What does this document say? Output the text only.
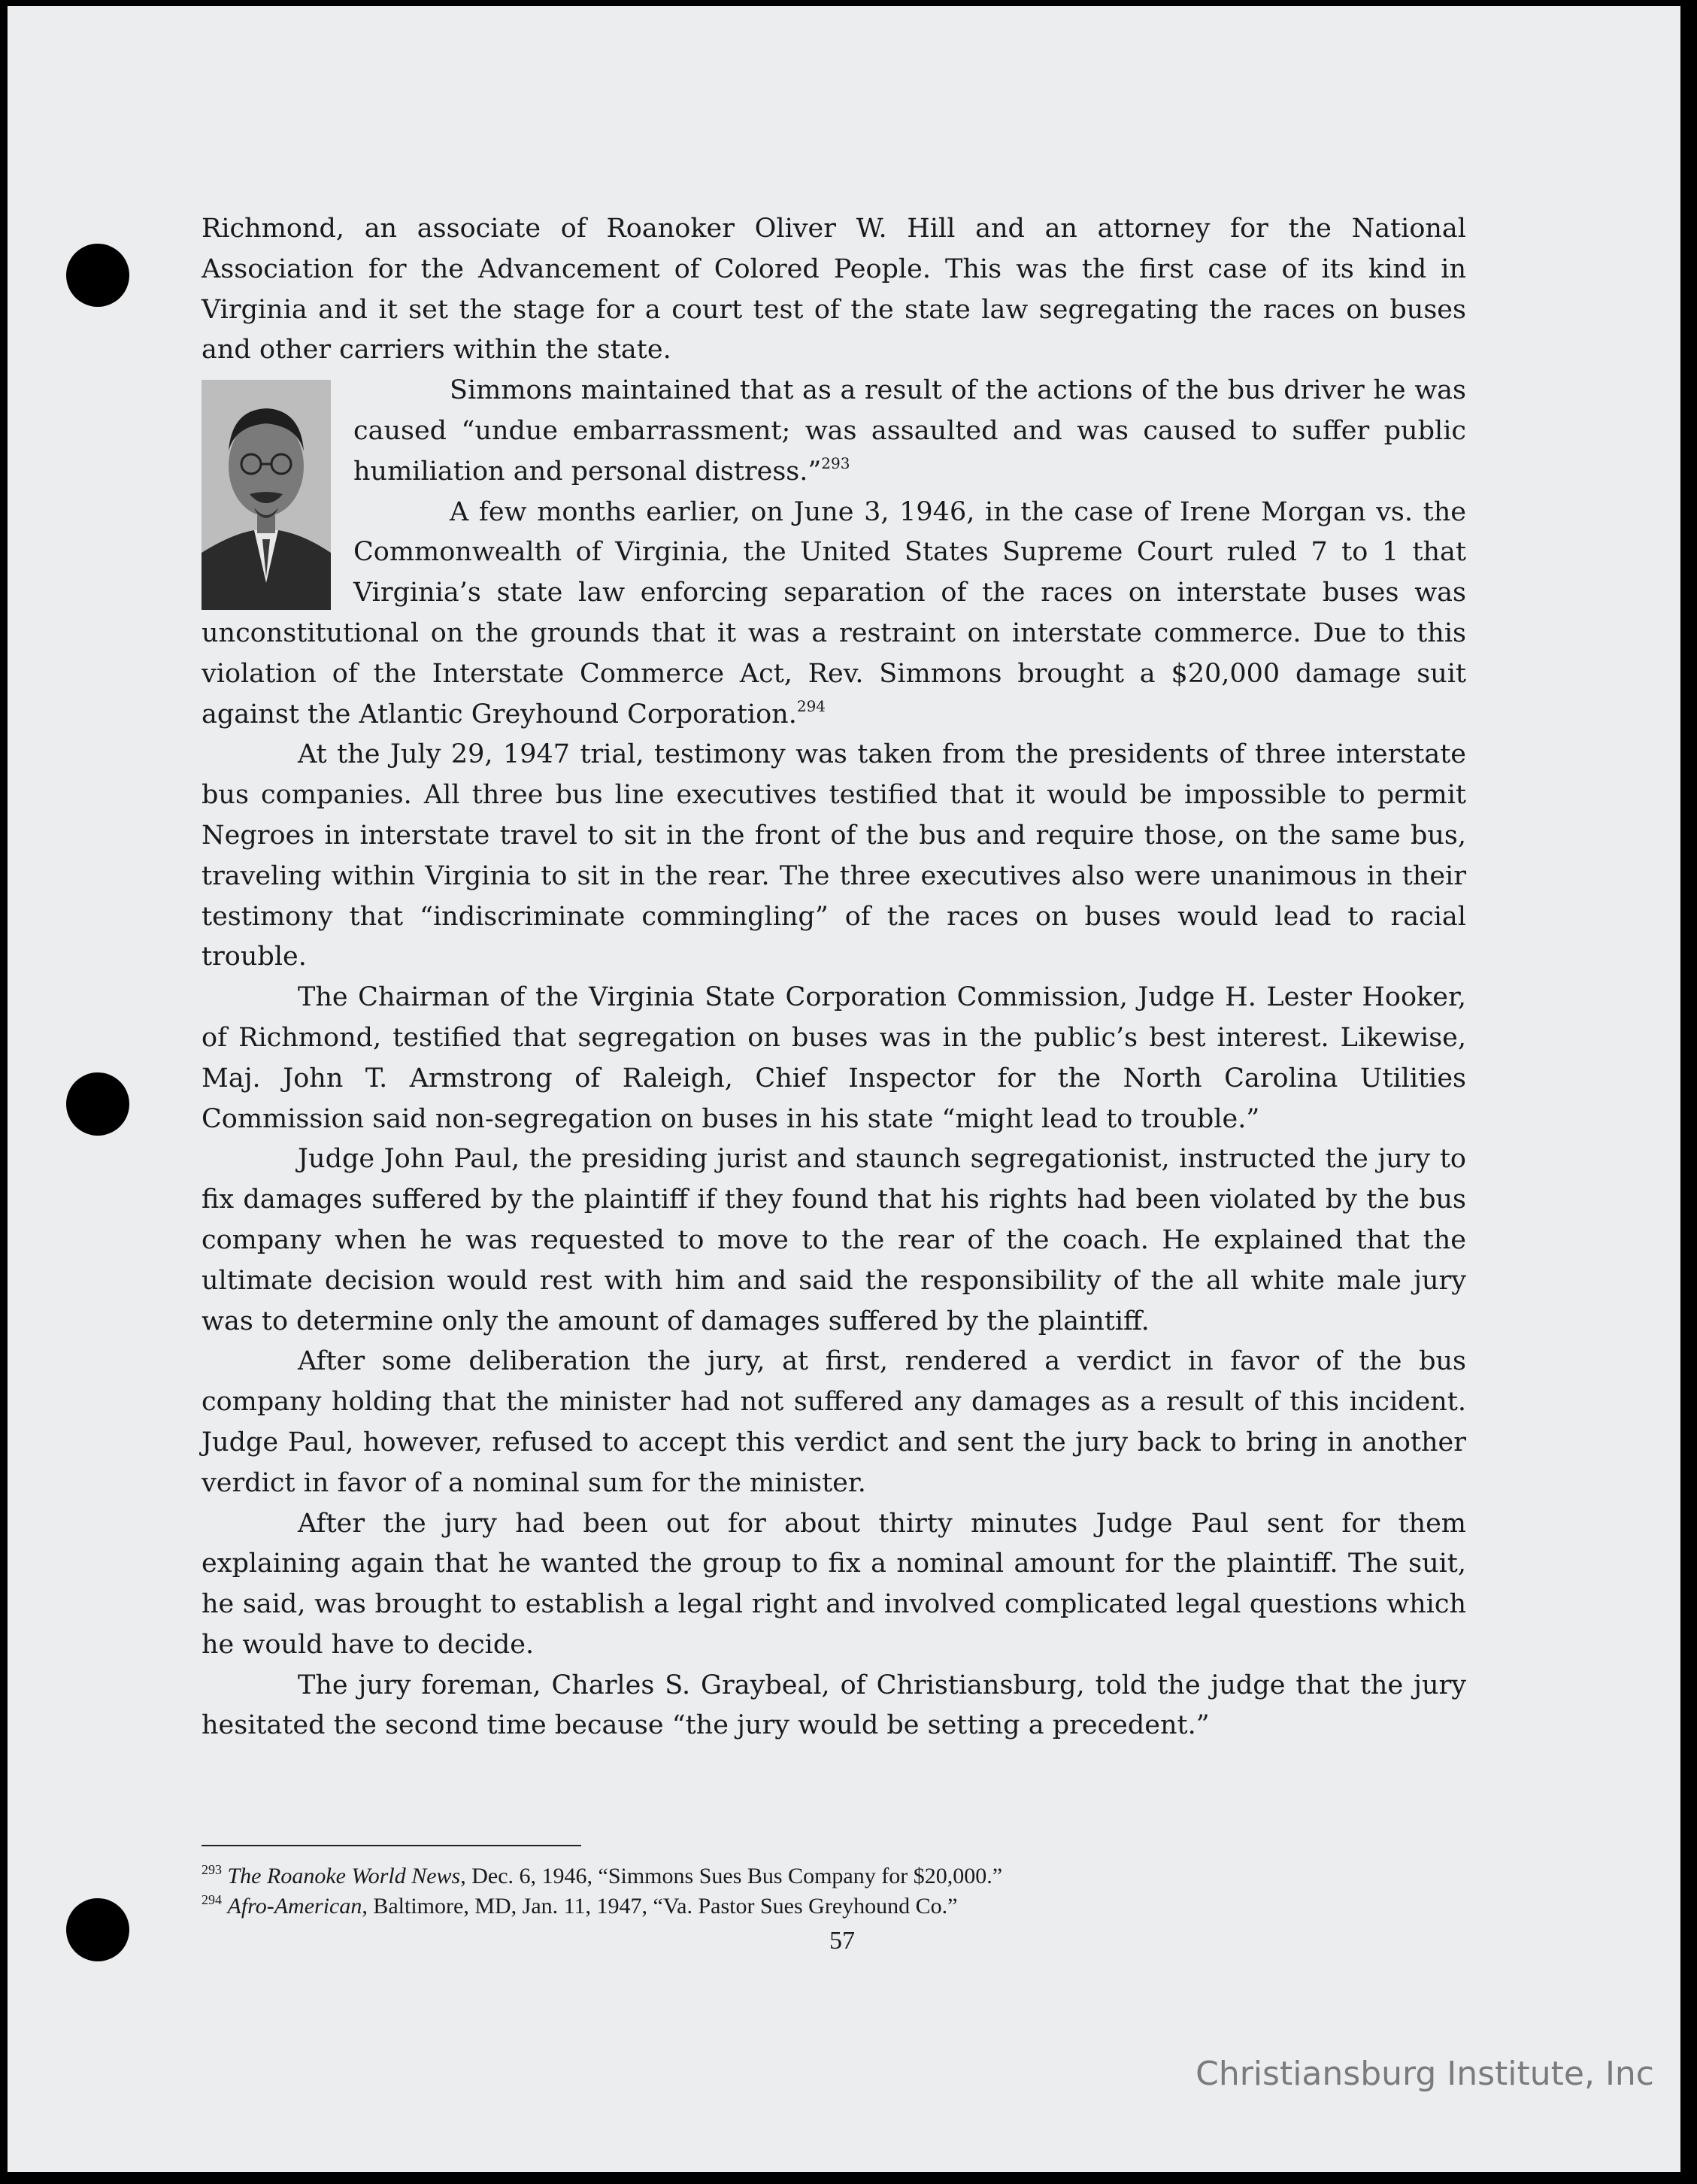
Richmond, an associate of Roanoker Oliver W. Hill and an attorney for the National Association for the Advancement of Colored People. This was the first case of its kind in Virginia and it set the stage for a court test of the state law segregating the races on buses and other carriers within the state.

Simmons maintained that as a result of the actions of the bus driver he was caused “undue embarrassment; was assaulted and was caused to suffer public humiliation and personal distress.”$^{293}$

A few months earlier, on June 3, 1946, in the case of Irene Morgan vs. the Commonwealth of Virginia, the United States Supreme Court ruled 7 to 1 that Virginia’s state law enforcing separation of the races on interstate buses was unconstitutional on the grounds that it was a restraint on interstate commerce. Due to this violation of the Interstate Commerce Act, Rev. Simmons brought a $20,000 damage suit against the Atlantic Greyhound Corporation.$^{294}$

At the July 29, 1947 trial, testimony was taken from the presidents of three interstate bus companies. All three bus line executives testified that it would be impossible to permit Negroes in interstate travel to sit in the front of the bus and require those, on the same bus, traveling within Virginia to sit in the rear. The three executives also were unanimous in their testimony that “indiscriminate commingling” of the races on buses would lead to racial trouble.

The Chairman of the Virginia State Corporation Commission, Judge H. Lester Hooker, of Richmond, testified that segregation on buses was in the public’s best interest. Likewise, Maj. John T. Armstrong of Raleigh, Chief Inspector for the North Carolina Utilities Commission said non-segregation on buses in his state “might lead to trouble.”

Judge John Paul, the presiding jurist and staunch segregationist, instructed the jury to fix damages suffered by the plaintiff if they found that his rights had been violated by the bus company when he was requested to move to the rear of the coach. He explained that the ultimate decision would rest with him and said the responsibility of the all white male jury was to determine only the amount of damages suffered by the plaintiff.

After some deliberation the jury, at first, rendered a verdict in favor of the bus company holding that the minister had not suffered any damages as a result of this incident. Judge Paul, however, refused to accept this verdict and sent the jury back to bring in another verdict in favor of a nominal sum for the minister.

After the jury had been out for about thirty minutes Judge Paul sent for them explaining again that he wanted the group to fix a nominal amount for the plaintiff. The suit, he said, was brought to establish a legal right and involved complicated legal questions which he would have to decide.

The jury foreman, Charles S. Graybeal, of Christiansburg, told the judge that the jury hesitated the second time because “the jury would be setting a precedent.”

$^{293}$ The Roanoke World News, Dec. 6, 1946, “Simmons Sues Bus Company for $20,000.”

$^{294}$ Afro-American, Baltimore, MD, Jan. 11, 1947, “Va. Pastor Sues Greyhound Co.”

57
Christiansburg Institute, Inc
